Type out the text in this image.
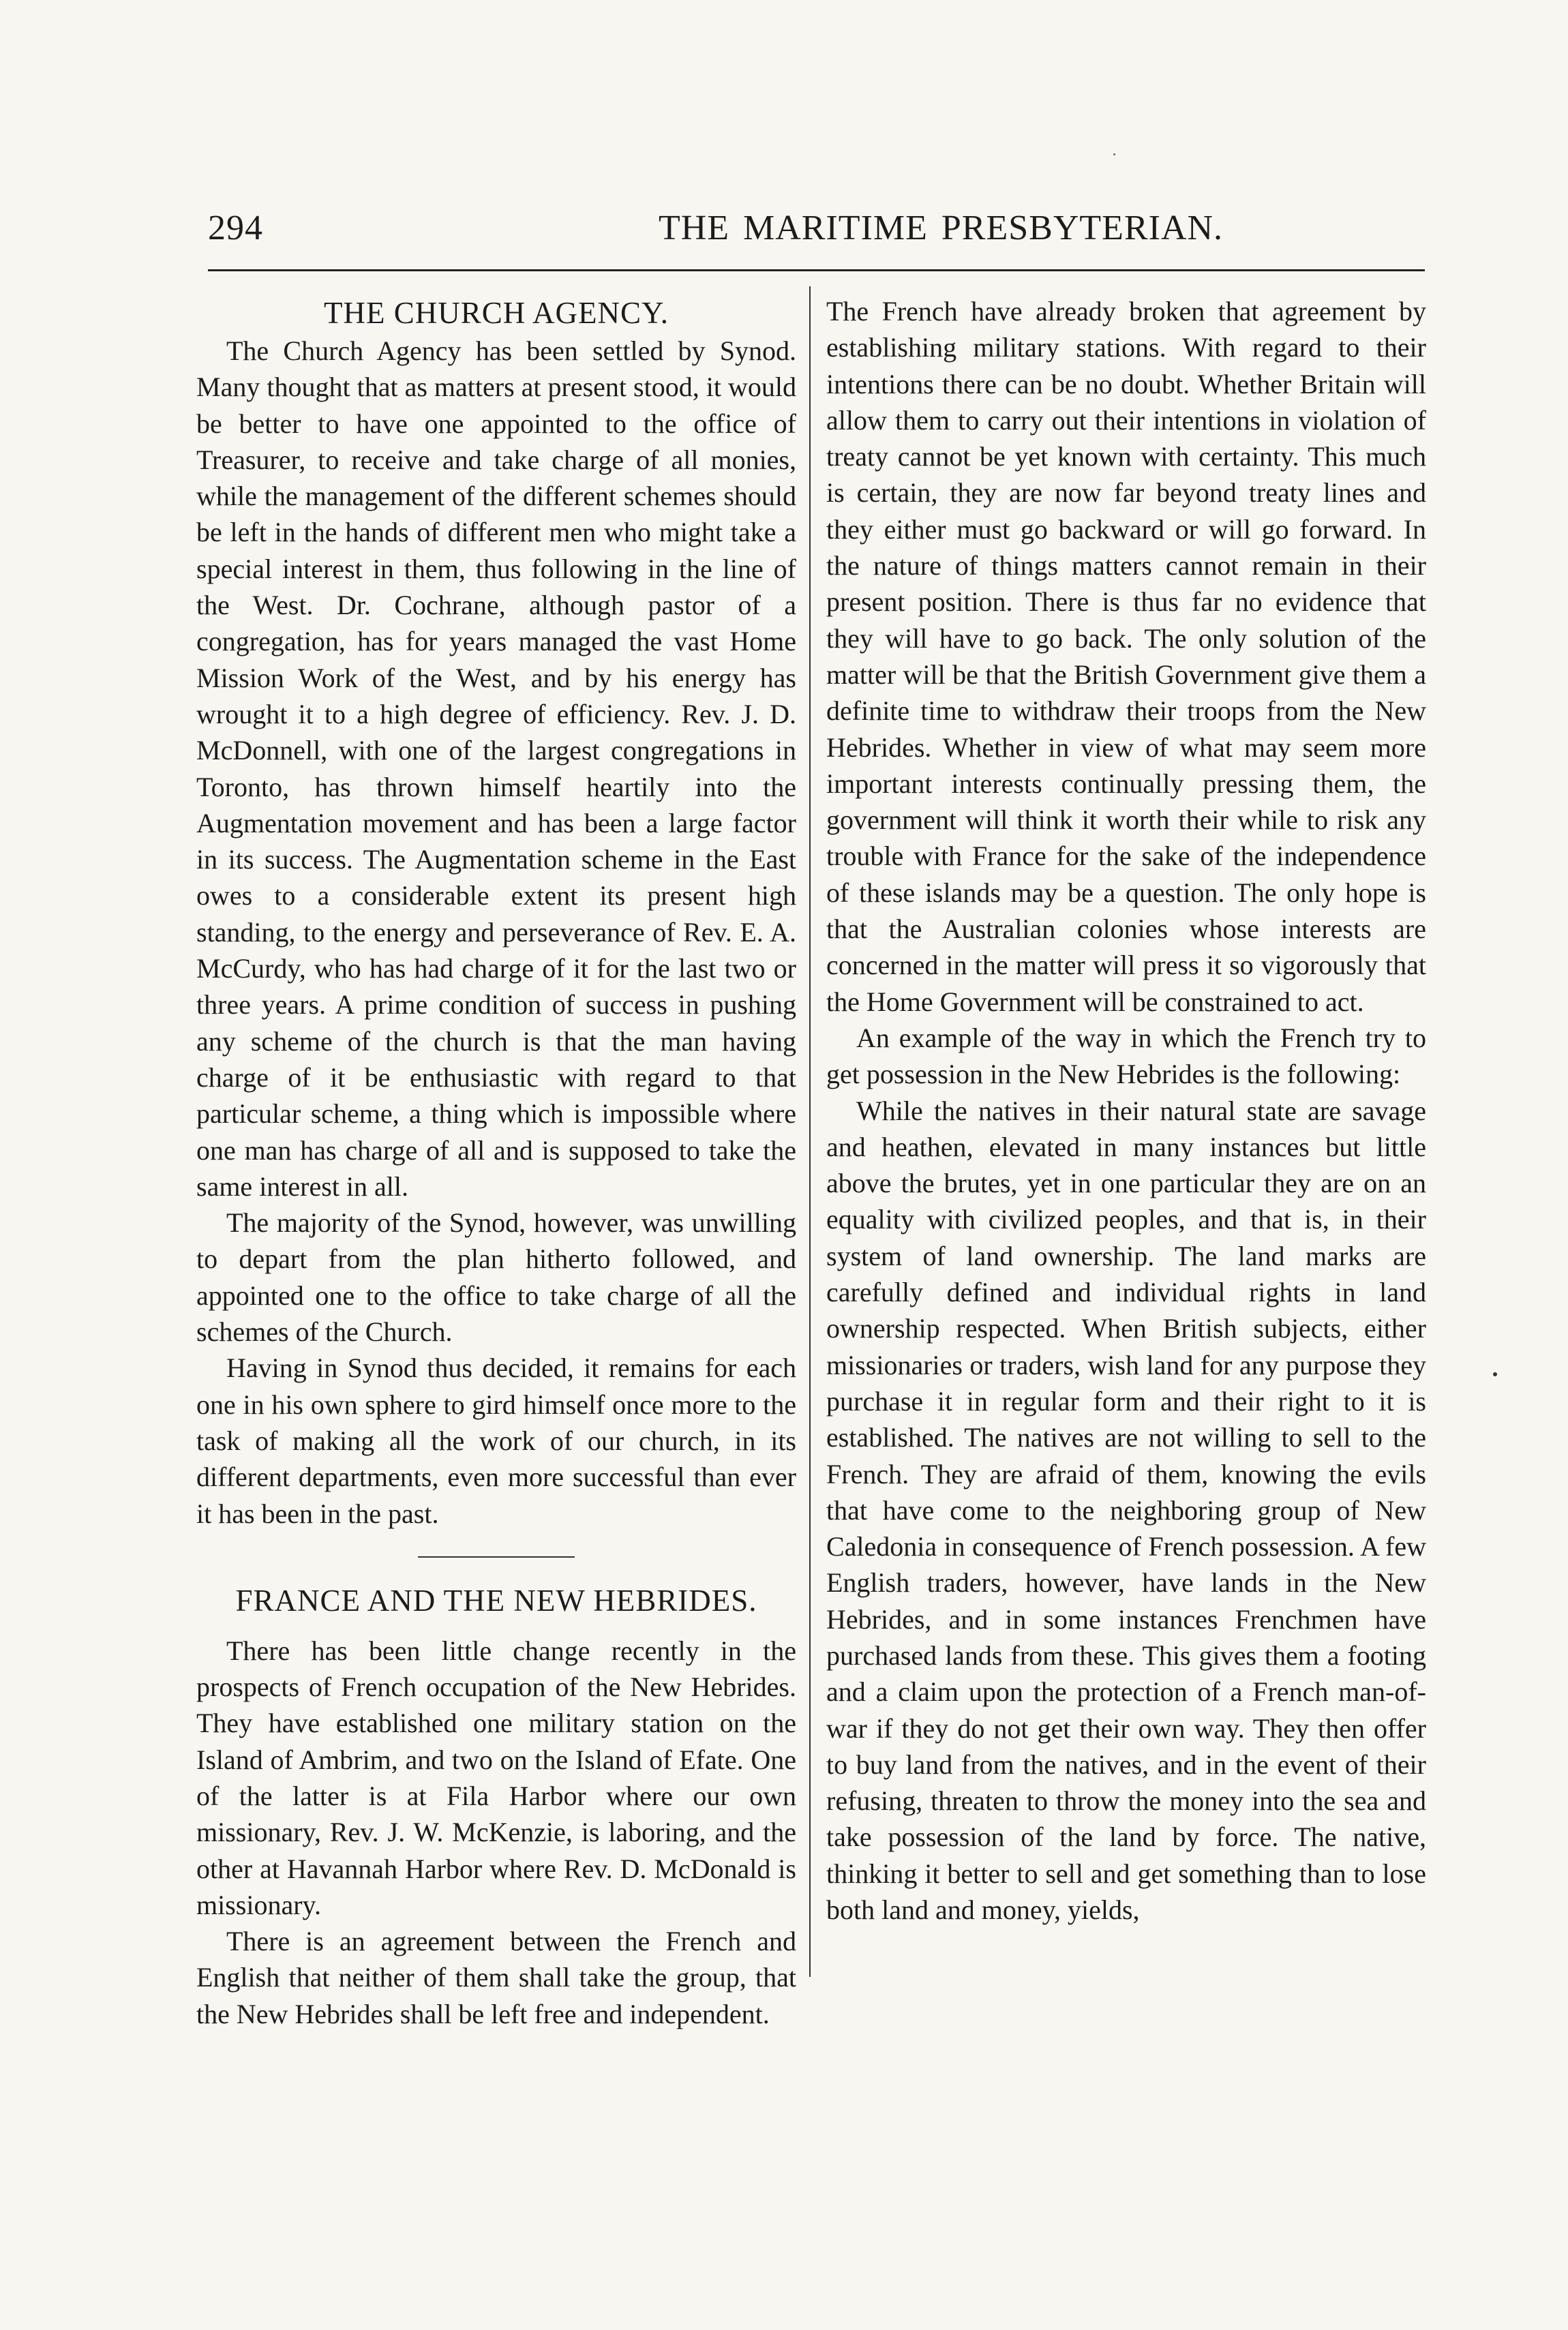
294	THE MARITIME PRESBYTERIAN.
THE CHURCH AGENCY.

The Church Agency has been settled by Synod. Many thought that as matters at present stood, it would be better to have one appointed to the office of Treasurer, to receive and take charge of all monies, while the management of the different schemes should be left in the hands of different men who might take a special interest in them, thus following in the line of the West. Dr. Cochrane, although pastor of a congregation, has for years managed the vast Home Mission Work of the West, and by his energy has wrought it to a high degree of efficiency. Rev. J. D. McDonnell, with one of the largest congregations in Toronto, has thrown himself heartily into the Augmentation movement and has been a large factor in its success. The Augmentation scheme in the East owes to a considerable extent its present high standing, to the energy and perseverance of Rev. E. A. McCurdy, who has had charge of it for the last two or three years. A prime condition of success in pushing any scheme of the church is that the man having charge of it be enthusiastic with regard to that particular scheme, a thing which is impossible where one man has charge of all and is supposed to take the same interest in all.

The majority of the Synod, however, was unwilling to depart from the plan hitherto followed, and appointed one to the office to take charge of all the schemes of the Church.

Having in Synod thus decided, it remains for each one in his own sphere to gird himself once more to the task of making all the work of our church, in its different departments, even more successful than ever it has been in the past.

FRANCE AND THE NEW HEBRIDES.

There has been little change recently in the prospects of French occupation of the New Hebrides. They have established one military station on the Island of Ambrim, and two on the Island of Efate. One of the latter is at Fila Harbor where our own missionary, Rev. J. W. McKenzie, is laboring, and the other at Havannah Harbor where Rev. D. McDonald is missionary.

There is an agreement between the French and English that neither of them shall take the group, that the New Hebrides shall be left free and independent.

The French have already broken that agreement by establishing military stations. With regard to their intentions there can be no doubt. Whether Britain will allow them to carry out their intentions in violation of treaty cannot be yet known with certainty. This much is certain, they are now far beyond treaty lines and they either must go backward or will go forward. In the nature of things matters cannot remain in their present position. There is thus far no evidence that they will have to go back. The only solution of the matter will be that the British Government give them a definite time to withdraw their troops from the New Hebrides. Whether in view of what may seem more important interests continually pressing them, the government will think it worth their while to risk any trouble with France for the sake of the independence of these islands may be a question. The only hope is that the Australian colonies whose interests are concerned in the matter will press it so vigorously that the Home Government will be constrained to act.

An example of the way in which the French try to get possession in the New Hebrides is the following:

While the natives in their natural state are savage and heathen, elevated in many instances but little above the brutes, yet in one particular they are on an equality with civilized peoples, and that is, in their system of land ownership. The land marks are carefully defined and individual rights in land ownership respected. When British subjects, either missionaries or traders, wish land for any purpose they purchase it in regular form and their right to it is established. The natives are not willing to sell to the French. They are afraid of them, knowing the evils that have come to the neighboring group of New Caledonia in consequence of French possession. A few English traders, however, have lands in the New Hebrides, and in some instances Frenchmen have purchased lands from these. This gives them a footing and a claim upon the protection of a French man-of-war if they do not get their own way. They then offer to buy land from the natives, and in the event of their refusing, threaten to throw the money into the sea and take possession of the land by force. The native, thinking it better to sell and get something than to lose both land and money, yields,
